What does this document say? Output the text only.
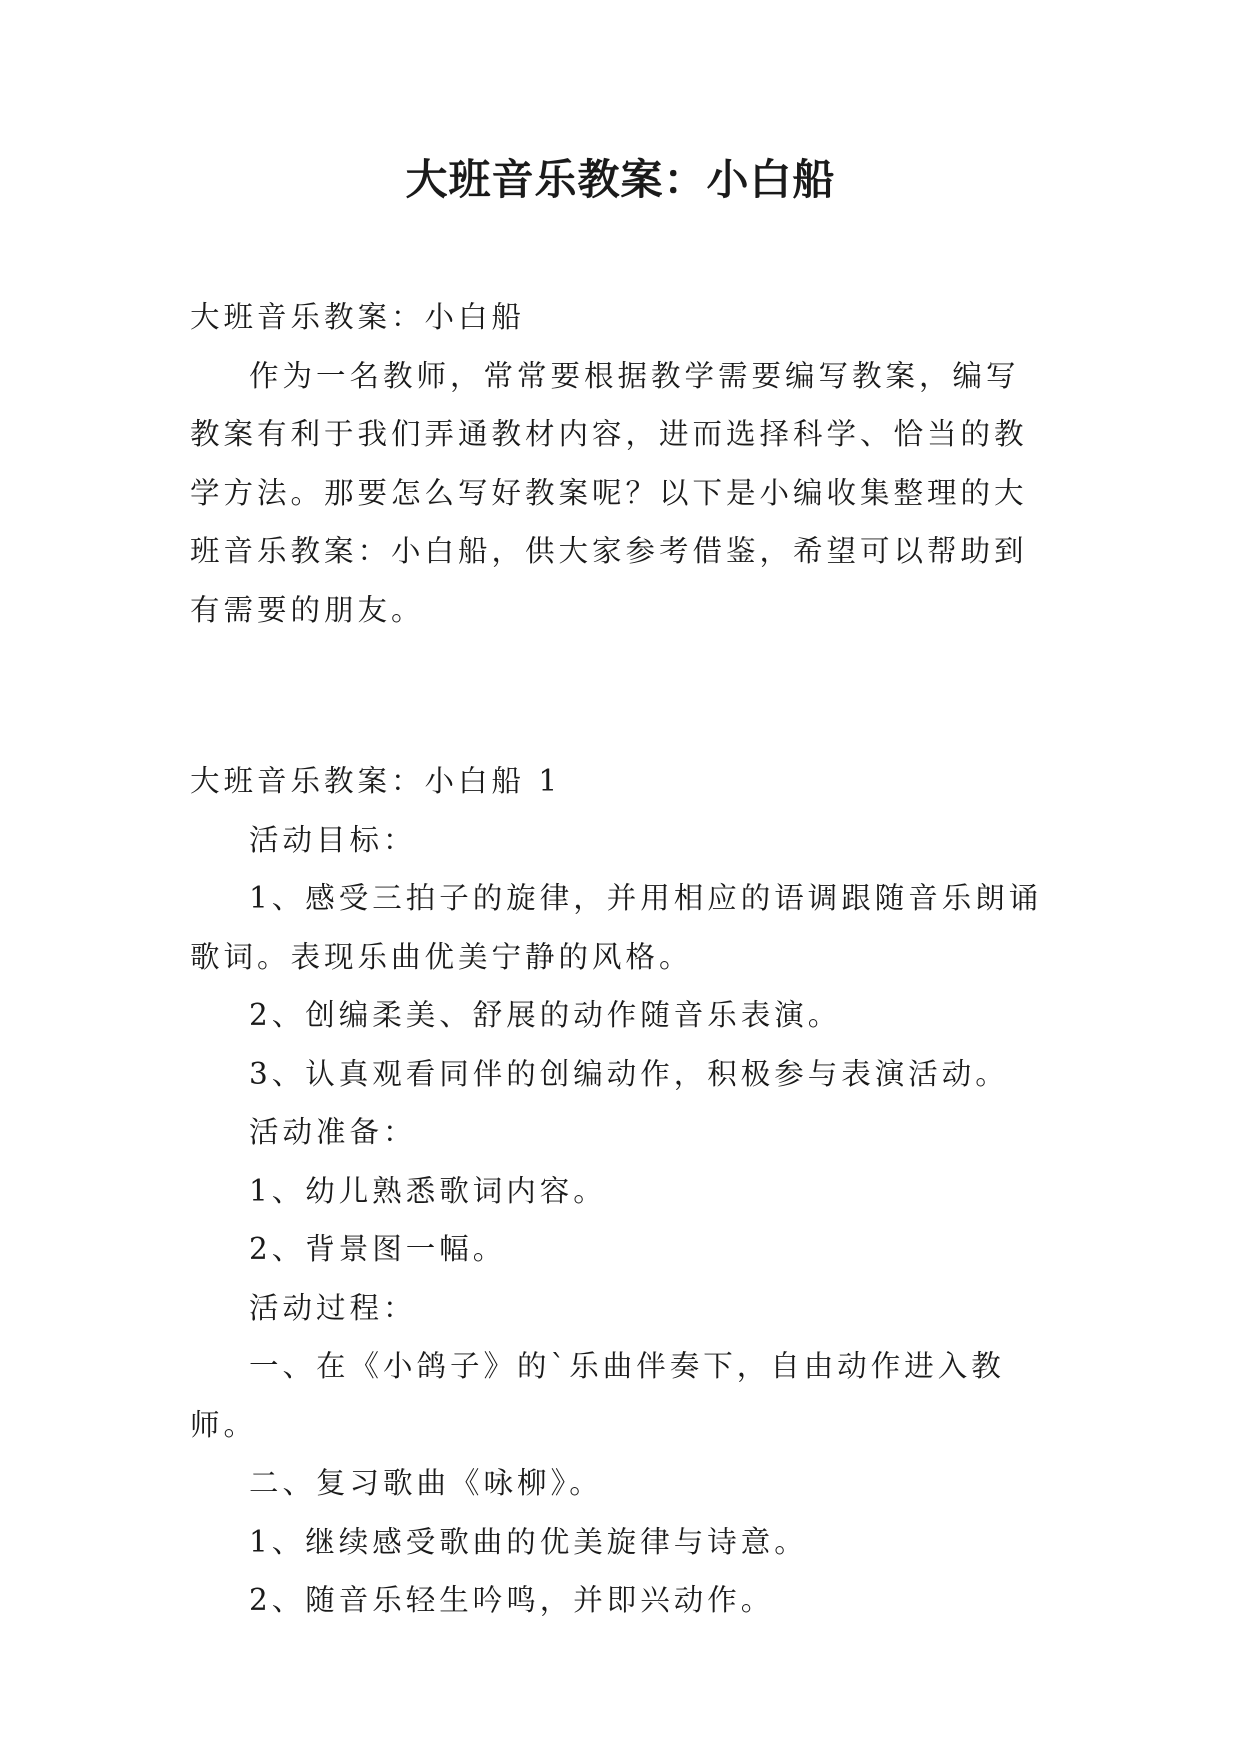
大班音乐教案：小白船

大班音乐教案：小白船

作为一名教师，常常要根据教学需要编写教案，编写教案有利于我们弄通教材内容，进而选择科学、恰当的教学方法。那要怎么写好教案呢？以下是小编收集整理的大班音乐教案：小白船，供大家参考借鉴，希望可以帮助到有需要的朋友。

大班音乐教案：小白船 1

活动目标：

1、感受三拍子的旋律，并用相应的语调跟随音乐朗诵歌词。表现乐曲优美宁静的风格。

2、创编柔美、舒展的动作随音乐表演。

3、认真观看同伴的创编动作，积极参与表演活动。

活动准备：

1、幼儿熟悉歌词内容。

2、背景图一幅。

活动过程：

一、在《小鸽子》的`乐曲伴奏下，自由动作进入教师。

二、复习歌曲《咏柳》。

1、继续感受歌曲的优美旋律与诗意。

2、随音乐轻生吟鸣，并即兴动作。
